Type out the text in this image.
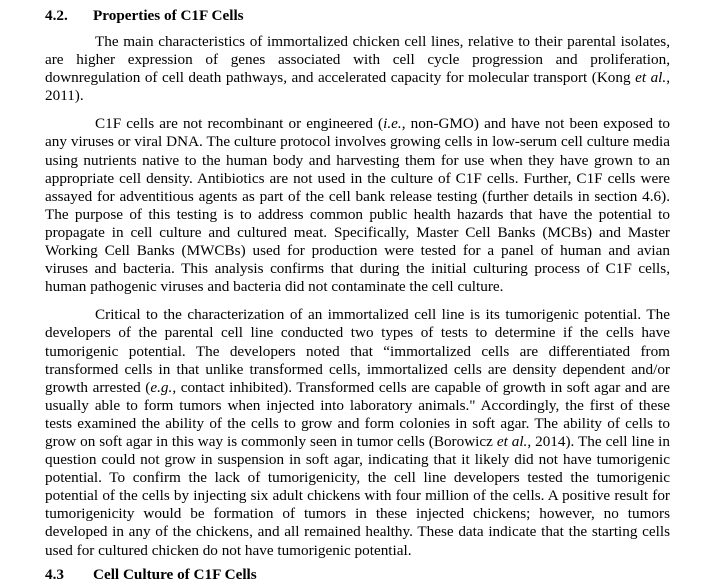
4.2.	Properties of C1F Cells

The main characteristics of immortalized chicken cell lines, relative to their parental isolates, are higher expression of genes associated with cell cycle progression and proliferation, downregulation of cell death pathways, and accelerated capacity for molecular transport (Kong et al., 2011).

C1F cells are not recombinant or engineered (i.e., non-GMO) and have not been exposed to any viruses or viral DNA. The culture protocol involves growing cells in low-serum cell culture media using nutrients native to the human body and harvesting them for use when they have grown to an appropriate cell density. Antibiotics are not used in the culture of C1F cells. Further, C1F cells were assayed for adventitious agents as part of the cell bank release testing (further details in section 4.6). The purpose of this testing is to address common public health hazards that have the potential to propagate in cell culture and cultured meat. Specifically, Master Cell Banks (MCBs) and Master Working Cell Banks (MWCBs) used for production were tested for a panel of human and avian viruses and bacteria. This analysis confirms that during the initial culturing process of C1F cells, human pathogenic viruses and bacteria did not contaminate the cell culture.

Critical to the characterization of an immortalized cell line is its tumorigenic potential. The developers of the parental cell line conducted two types of tests to determine if the cells have tumorigenic potential. The developers noted that “immortalized cells are differentiated from transformed cells in that unlike transformed cells, immortalized cells are density dependent and/or growth arrested (e.g., contact inhibited). Transformed cells are capable of growth in soft agar and are usually able to form tumors when injected into laboratory animals." Accordingly, the first of these tests examined the ability of the cells to grow and form colonies in soft agar. The ability of cells to grow on soft agar in this way is commonly seen in tumor cells (Borowicz et al., 2014). The cell line in question could not grow in suspension in soft agar, indicating that it likely did not have tumorigenic potential. To confirm the lack of tumorigenicity, the cell line developers tested the tumorigenic potential of the cells by injecting six adult chickens with four million of the cells. A positive result for tumorigenicity would be formation of tumors in these injected chickens; however, no tumors developed in any of the chickens, and all remained healthy. These data indicate that the starting cells used for cultured chicken do not have tumorigenic potential.

4.3	Cell Culture of C1F Cells
